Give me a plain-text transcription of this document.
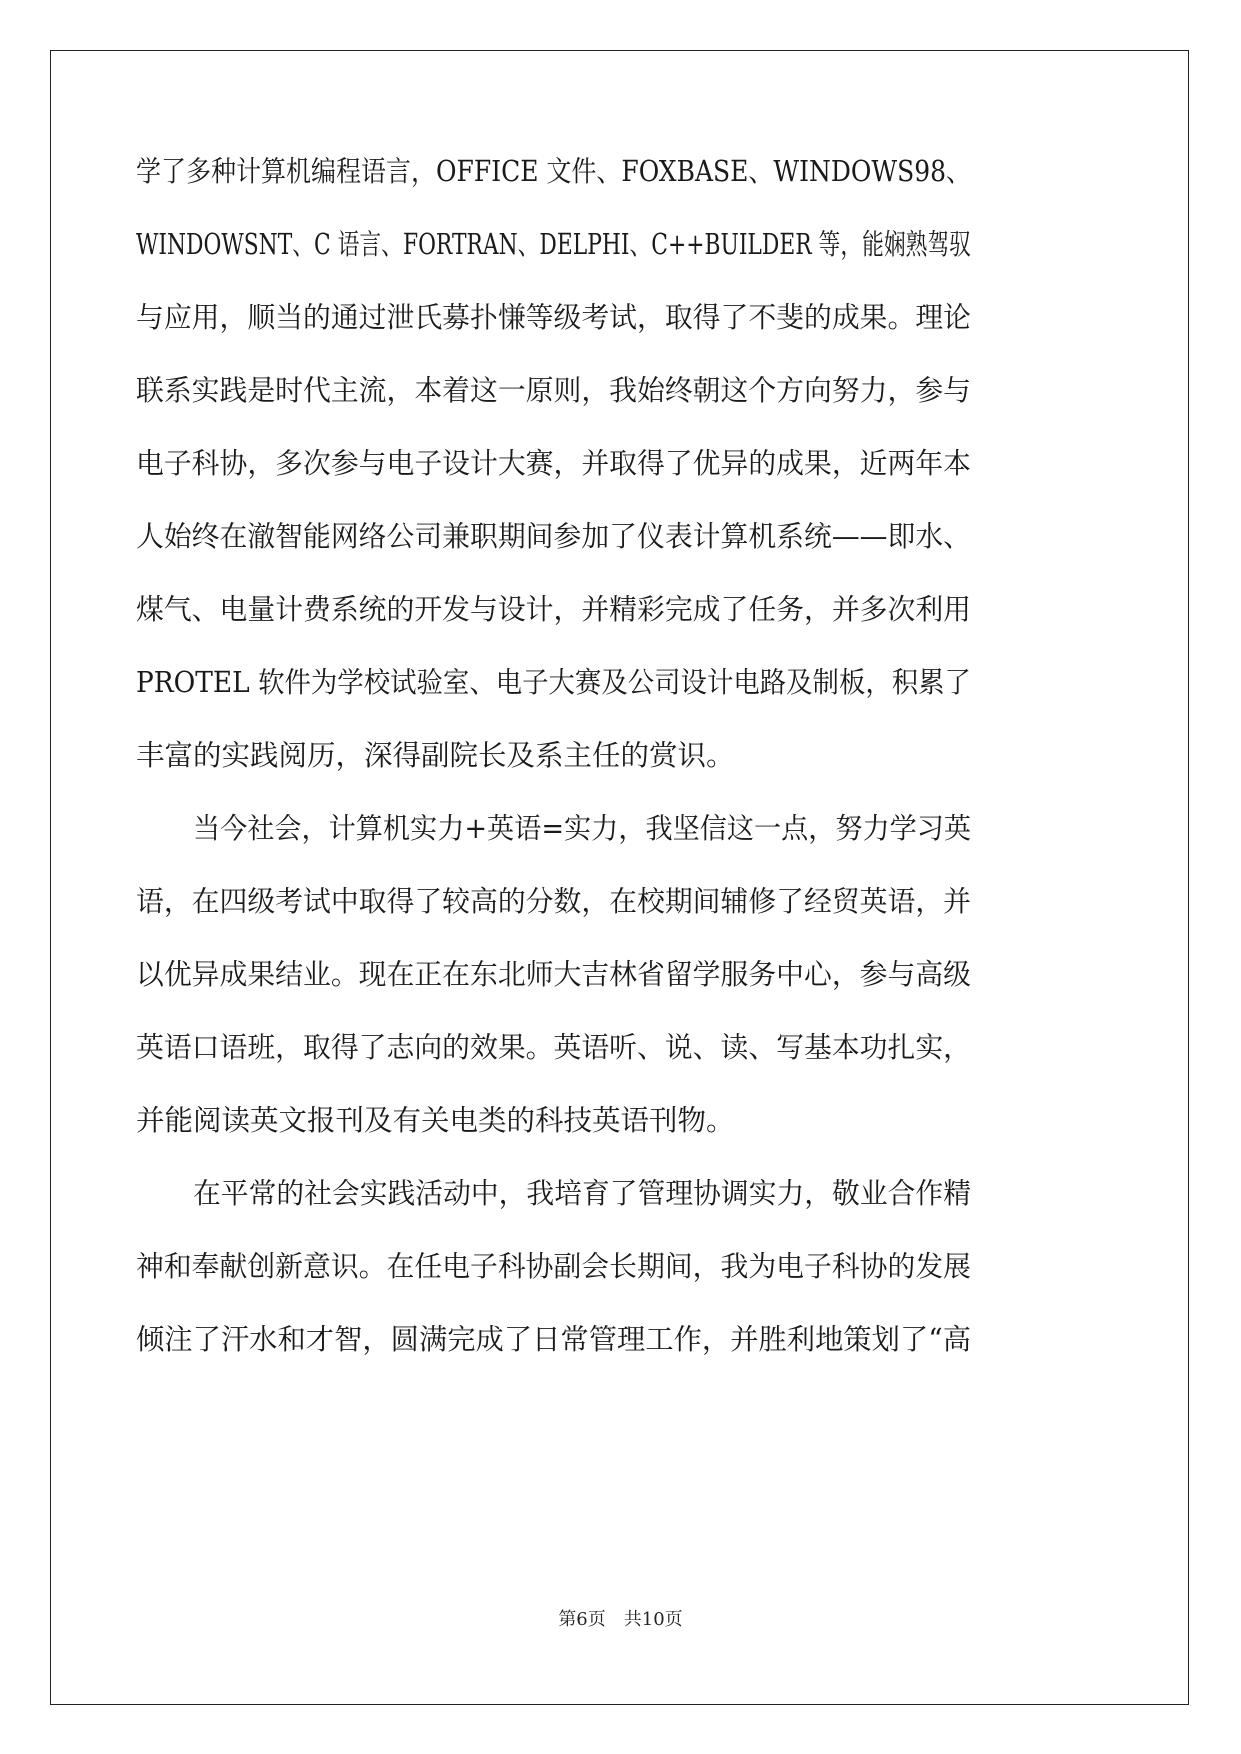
学了多种计算机编程语言，OFFICE 文件、FOXBASE、WINDOWS98、
WINDOWSNT、C 语言、FORTRAN、DELPHI、C++BUILDER 等，能娴熟驾驭
与应用，顺当的通过泄氏募扑慊等级考试，取得了不斐的成果。理论
联系实践是时代主流，本着这一原则，我始终朝这个方向努力，参与
电子科协，多次参与电子设计大赛，并取得了优异的成果，近两年本
人始终在澈智能网络公司兼职期间参加了仪表计算机系统——即水、
煤气、电量计费系统的开发与设计，并精彩完成了任务，并多次利用
PROTEL 软件为学校试验室、电子大赛及公司设计电路及制板，积累了
丰富的实践阅历，深得副院长及系主任的赏识。
当今社会，计算机实力+英语=实力，我坚信这一点，努力学习英
语，在四级考试中取得了较高的分数，在校期间辅修了经贸英语，并
以优异成果结业。现在正在东北师大吉林省留学服务中心，参与高级
英语口语班，取得了志向的效果。英语听、说、读、写基本功扎实，
并能阅读英文报刊及有关电类的科技英语刊物。
在平常的社会实践活动中，我培育了管理协调实力，敬业合作精
神和奉献创新意识。在任电子科协副会长期间，我为电子科协的发展
倾注了汗水和才智，圆满完成了日常管理工作，并胜利地策划了“高
第6页　共10页
